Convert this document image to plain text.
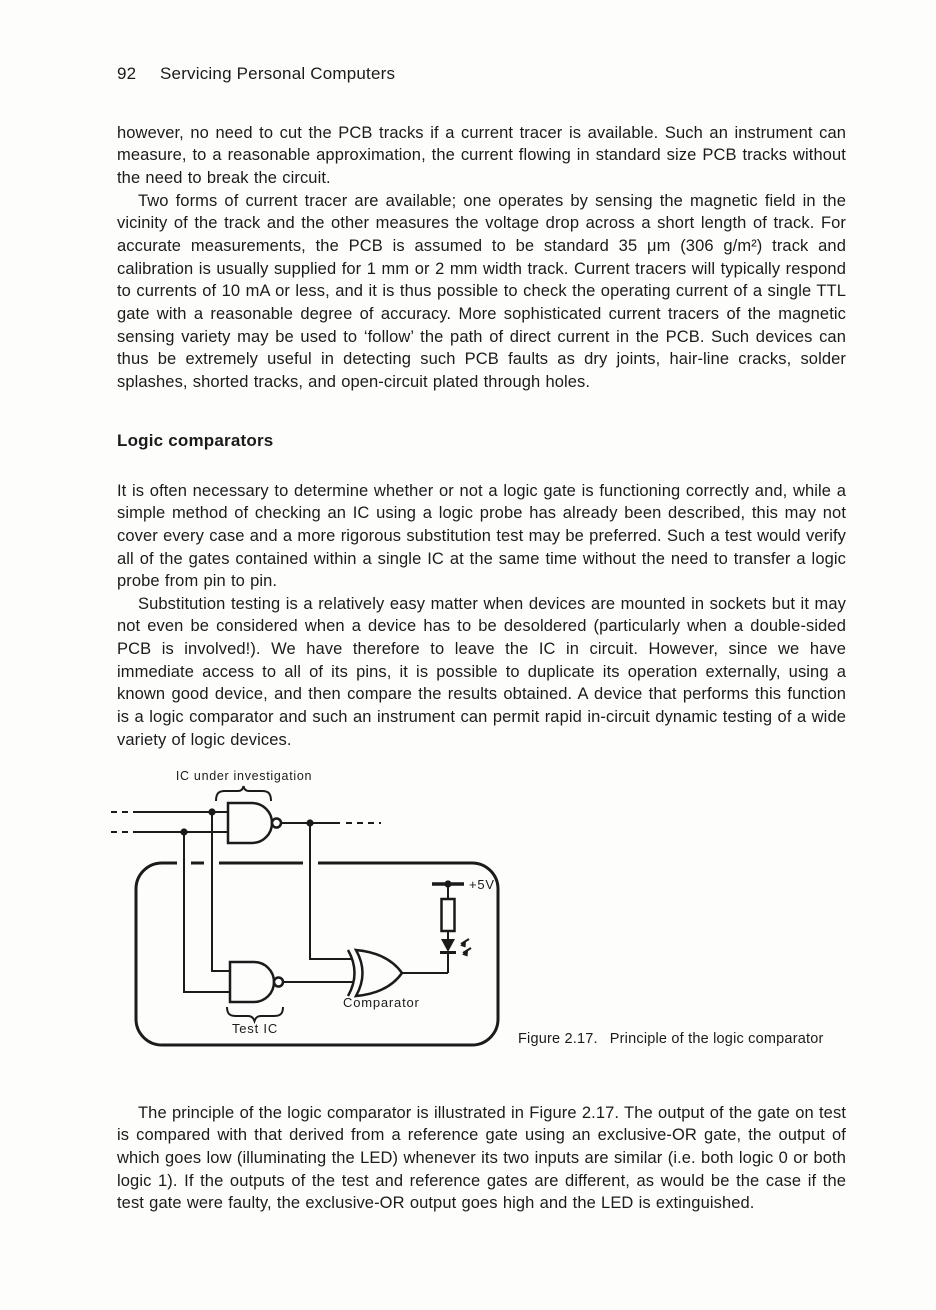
92 Servicing Personal Computers

however, no need to cut the PCB tracks if a current tracer is available. Such an instrument can measure, to a reasonable approximation, the current flowing in standard size PCB tracks without the need to break the circuit.

Two forms of current tracer are available; one operates by sensing the magnetic field in the vicinity of the track and the other measures the voltage drop across a short length of track. For accurate measurements, the PCB is assumed to be standard 35 μm (306 g/m²) track and calibration is usually supplied for 1 mm or 2 mm width track. Current tracers will typically respond to currents of 10 mA or less, and it is thus possible to check the operating current of a single TTL gate with a reasonable degree of accuracy. More sophisticated current tracers of the magnetic sensing variety may be used to ‘follow’ the path of direct current in the PCB. Such devices can thus be extremely useful in detecting such PCB faults as dry joints, hair-line cracks, solder splashes, shorted tracks, and open-circuit plated through holes.

Logic comparators

It is often necessary to determine whether or not a logic gate is functioning correctly and, while a simple method of checking an IC using a logic probe has already been described, this may not cover every case and a more rigorous substitution test may be preferred. Such a test would verify all of the gates contained within a single IC at the same time without the need to transfer a logic probe from pin to pin.

Substitution testing is a relatively easy matter when devices are mounted in sockets but it may not even be considered when a device has to be desoldered (particularly when a double-sided PCB is involved!). We have therefore to leave the IC in circuit. However, since we have immediate access to all of its pins, it is possible to duplicate its operation externally, using a known good device, and then compare the results obtained. A device that performs this function is a logic comparator and such an instrument can permit rapid in-circuit dynamic testing of a wide variety of logic devices.

IC under investigation
+5V
Comparator
Test IC
Figure 2.17. Principle of the logic comparator

The principle of the logic comparator is illustrated in Figure 2.17. The output of the gate on test is compared with that derived from a reference gate using an exclusive-OR gate, the output of which goes low (illuminating the LED) whenever its two inputs are similar (i.e. both logic 0 or both logic 1). If the outputs of the test and reference gates are different, as would be the case if the test gate were faulty, the exclusive-OR output goes high and the LED is extinguished.
